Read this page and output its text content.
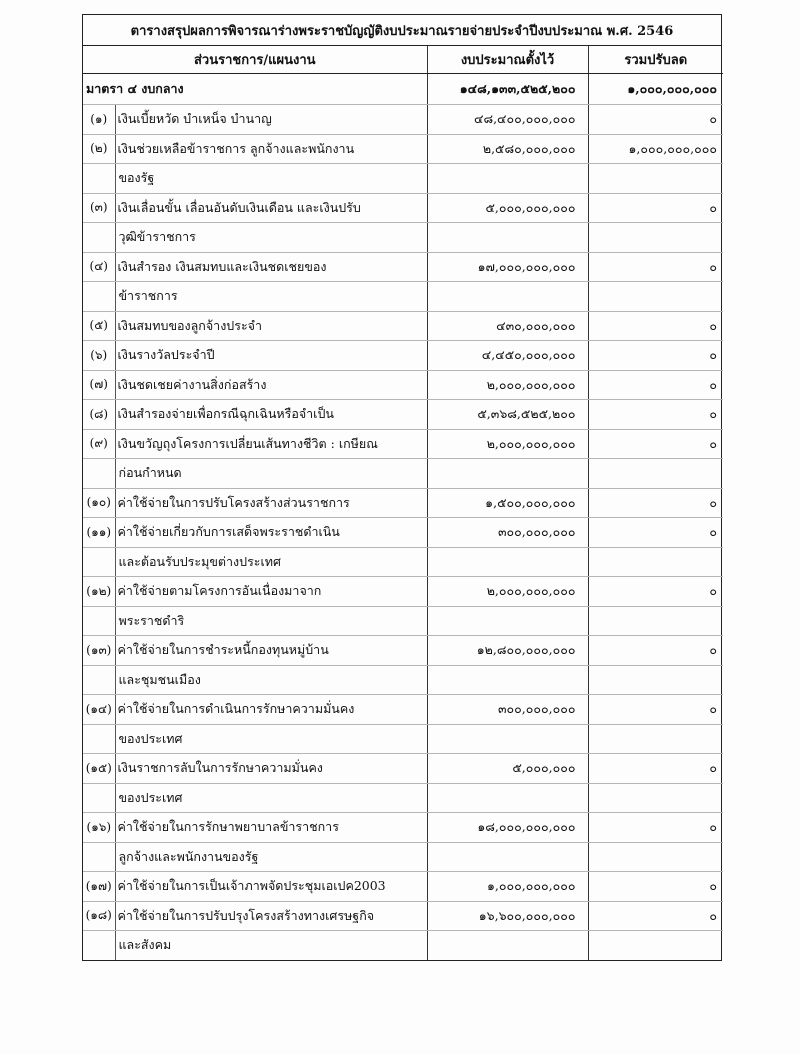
ตารางสรุปผลการพิจารณาร่างพระราชบัญญัติงบประมาณรายจ่ายประจำปีงบประมาณ พ.ศ. 2546
ส่วนราชการ/แผนงาน		งบประมาณตั้งไว้	รวมปรับลด
มาตรา ๔ งบกลาง		๑๔๘,๑๓๓,๕๒๕,๒๐๐	๑,๐๐๐,๐๐๐,๐๐๐
(๑)	เงินเบี้ยหวัด บำเหน็จ บำนาญ	๔๘,๔๐๐,๐๐๐,๐๐๐	๐
(๒)	เงินช่วยเหลือข้าราชการ ลูกจ้างและพนักงาน	๒,๕๘๐,๐๐๐,๐๐๐	๑,๐๐๐,๐๐๐,๐๐๐
	ของรัฐ		
(๓)	เงินเลื่อนขั้น เลื่อนอันดับเงินเดือน และเงินปรับ	๕,๐๐๐,๐๐๐,๐๐๐	๐
	วุฒิข้าราชการ		
(๔)	เงินสำรอง เงินสมทบและเงินชดเชยของ	๑๗,๐๐๐,๐๐๐,๐๐๐	๐
	ข้าราชการ		
(๕)	เงินสมทบของลูกจ้างประจำ	๔๓๐,๐๐๐,๐๐๐	๐
(๖)	เงินรางวัลประจำปี	๔,๔๕๐,๐๐๐,๐๐๐	๐
(๗)	เงินชดเชยค่างานสิ่งก่อสร้าง	๒,๐๐๐,๐๐๐,๐๐๐	๐
(๘)	เงินสำรองจ่ายเพื่อกรณีฉุกเฉินหรือจำเป็น	๕,๓๖๘,๕๒๕,๒๐๐	๐
(๙)	เงินขวัญถุงโครงการเปลี่ยนเส้นทางชีวิต : เกษียณ	๒,๐๐๐,๐๐๐,๐๐๐	๐
	ก่อนกำหนด		
(๑๐)	ค่าใช้จ่ายในการปรับโครงสร้างส่วนราชการ	๑,๕๐๐,๐๐๐,๐๐๐	๐
(๑๑)	ค่าใช้จ่ายเกี่ยวกับการเสด็จพระราชดำเนิน	๓๐๐,๐๐๐,๐๐๐	๐
	และต้อนรับประมุขต่างประเทศ		
(๑๒)	ค่าใช้จ่ายตามโครงการอันเนื่องมาจาก	๒,๐๐๐,๐๐๐,๐๐๐	๐
	พระราชดำริ		
(๑๓)	ค่าใช้จ่ายในการชำระหนี้กองทุนหมู่บ้าน	๑๒,๘๐๐,๐๐๐,๐๐๐	๐
	และชุมชนเมือง		
(๑๔)	ค่าใช้จ่ายในการดำเนินการรักษาความมั่นคง	๓๐๐,๐๐๐,๐๐๐	๐
	ของประเทศ		
(๑๕)	เงินราชการลับในการรักษาความมั่นคง	๕,๐๐๐,๐๐๐	๐
	ของประเทศ		
(๑๖)	ค่าใช้จ่ายในการรักษาพยาบาลข้าราชการ	๑๘,๐๐๐,๐๐๐,๐๐๐	๐
	ลูกจ้างและพนักงานของรัฐ		
(๑๗)	ค่าใช้จ่ายในการเป็นเจ้าภาพจัดประชุมเอเปค2003	๑,๐๐๐,๐๐๐,๐๐๐	๐
(๑๘)	ค่าใช้จ่ายในการปรับปรุงโครงสร้างทางเศรษฐกิจ	๑๖,๖๐๐,๐๐๐,๐๐๐	๐
	และสังคม		
